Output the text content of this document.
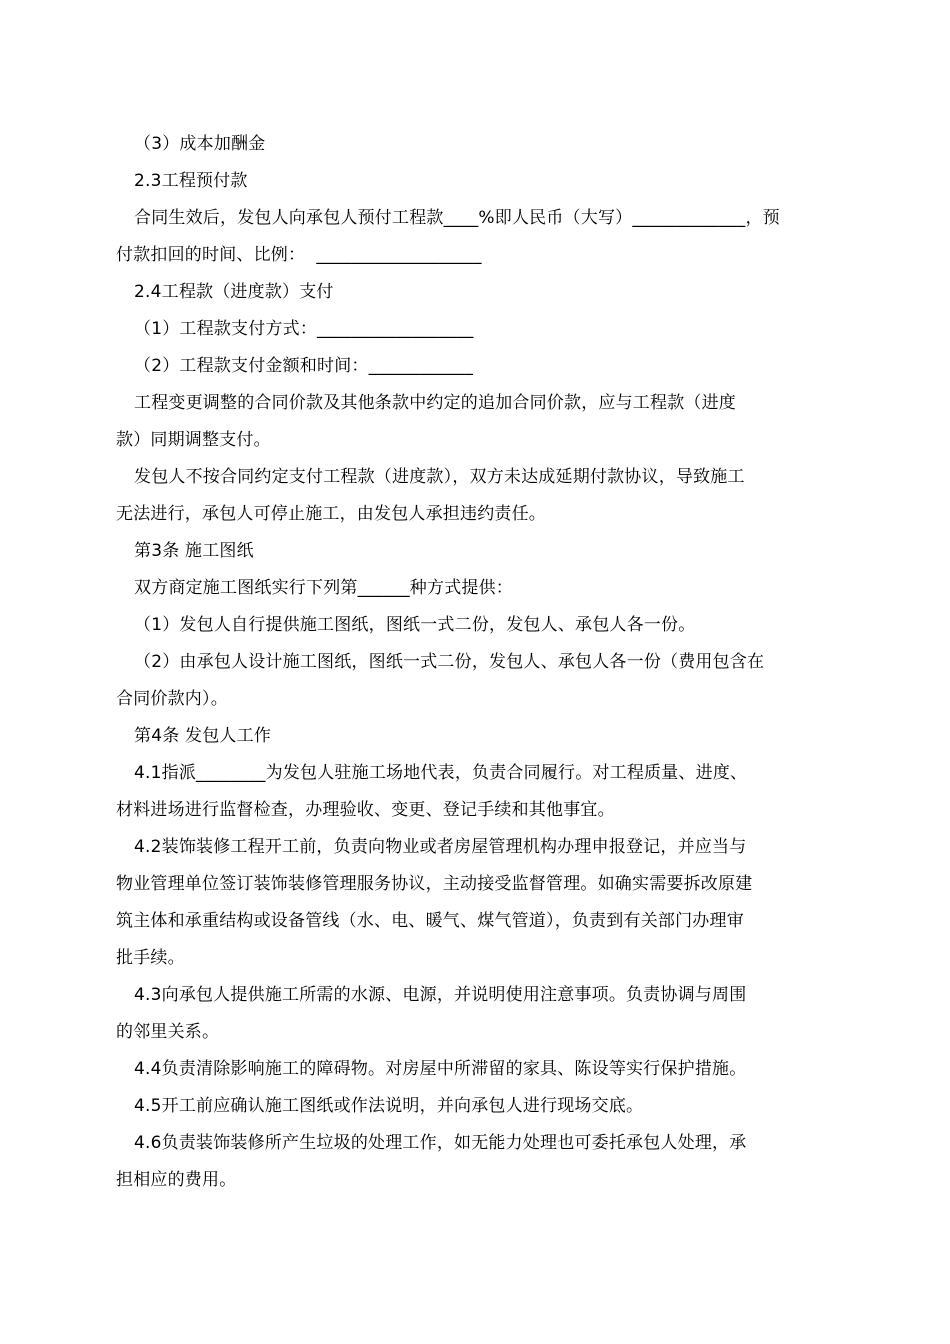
（3）成本加酬金
2.3工程预付款
合同生效后，发包人向承包人预付工程款____%即人民币（大写）_____________，预
付款扣回的时间、比例：  ___________________
2.4工程款（进度款）支付
（1）工程款支付方式：__________________
（2）工程款支付金额和时间：____________
工程变更调整的合同价款及其他条款中约定的追加合同价款，应与工程款（进度
款）同期调整支付。
发包人不按合同约定支付工程款（进度款），双方未达成延期付款协议，导致施工
无法进行，承包人可停止施工，由发包人承担违约责任。
第3条 施工图纸
双方商定施工图纸实行下列第______种方式提供：
（1）发包人自行提供施工图纸，图纸一式二份，发包人、承包人各一份。
（2）由承包人设计施工图纸，图纸一式二份，发包人、承包人各一份（费用包含在
合同价款内）。
第4条 发包人工作
4.1指派________为发包人驻施工场地代表，负责合同履行。对工程质量、进度、
材料进场进行监督检查，办理验收、变更、登记手续和其他事宜。
4.2装饰装修工程开工前，负责向物业或者房屋管理机构办理申报登记，并应当与
物业管理单位签订装饰装修管理服务协议，主动接受监督管理。如确实需要拆改原建
筑主体和承重结构或设备管线（水、电、暖气、煤气管道），负责到有关部门办理审
批手续。
4.3向承包人提供施工所需的水源、电源，并说明使用注意事项。负责协调与周围
的邻里关系。
4.4负责清除影响施工的障碍物。对房屋中所滞留的家具、陈设等实行保护措施。
4.5开工前应确认施工图纸或作法说明，并向承包人进行现场交底。
4.6负责装饰装修所产生垃圾的处理工作，如无能力处理也可委托承包人处理，承
担相应的费用。
